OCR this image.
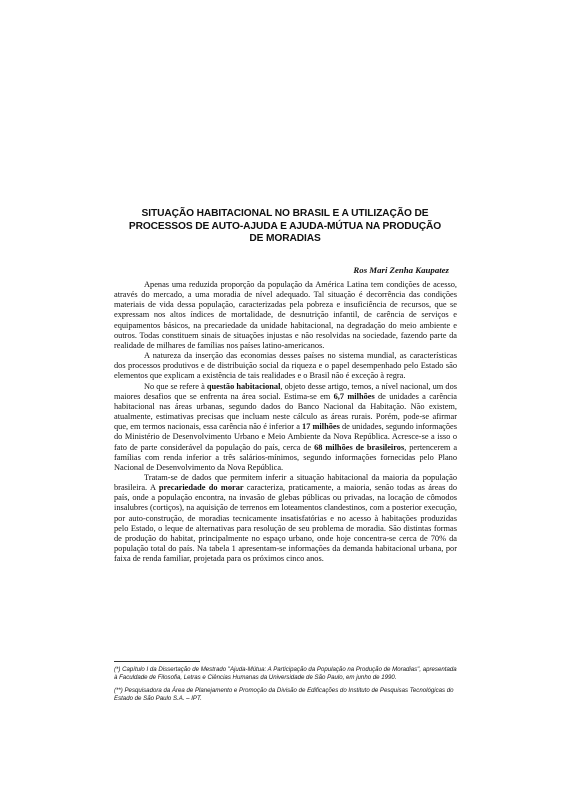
SITUAÇÃO HABITACIONAL NO BRASIL E A UTILIZAÇÃO DE
PROCESSOS DE AUTO-AJUDA E AJUDA-MÚTUA NA PRODUÇÃO
DE MORADIAS
Ros Mari Zenha Kaupatez

Apenas uma reduzida proporção da população da América Latina tem condições de acesso, através do mercado, a uma moradia de nível adequado. Tal situação é decorrência das condições materiais de vida dessa população, caracterizadas pela pobreza e insuficiência de recursos, que se expressam nos altos índices de mortalidade, de desnutrição infantil, de carência de serviços e equipamentos básicos, na precariedade da unidade habitacional, na degradação do meio ambiente e outros. Todas constituem sinais de situações injustas e não resolvidas na sociedade, fazendo parte da realidade de milhares de famílias nos países latino-americanos.

A natureza da inserção das economias desses países no sistema mundial, as características dos processos produtivos e de distribuição social da riqueza e o papel desempenhado pelo Estado são elementos que explicam a existência de tais realidades e o Brasil não é exceção à regra.

No que se refere à questão habitacional, objeto desse artigo, temos, a nível nacional, um dos maiores desafios que se enfrenta na área social. Estima-se em 6,7 milhões de unidades a carência habitacional nas áreas urbanas, segundo dados do Banco Nacional da Habitação. Não existem, atualmente, estimativas precisas que incluam neste cálculo as áreas rurais. Porém, pode-se afirmar que, em termos nacionais, essa carência não é inferior a 17 milhões de unidades, segundo informações do Ministério de Desenvolvimento Urbano e Meio Ambiente da Nova República. Acresce-se a isso o fato de parte considerável da população do país, cerca de 68 milhões de brasileiros, pertencerem a famílias com renda inferior a três salários-mínimos, segundo informações fornecidas pelo Plano Nacional de Desenvolvimento da Nova República.

Tratam-se de dados que permitem inferir a situação habitacional da maioria da população brasileira. A precariedade do morar caracteriza, praticamente, a maioria, senão todas as áreas do país, onde a população encontra, na invasão de glebas públicas ou privadas, na locação de cômodos insalubres (cortiços), na aquisição de terrenos em loteamentos clandestinos, com a posterior execução, por auto-construção, de moradias tecnicamente insatisfatórias e no acesso à habitações produzidas pelo Estado, o leque de alternativas para resolução de seu problema de moradia. São distintas formas de produção do habitat, principalmente no espaço urbano, onde hoje concentra-se cerca de 70% da população total do país. Na tabela 1 apresentam-se informações da demanda habitacional urbana, por faixa de renda familiar, projetada para os próximos cinco anos.

(*) Capítulo I da Dissertação de Mestrado "Ajuda-Mútua: A Participação da População na Produção de Moradias", apresentada à Faculdade de Filosofia, Letras e Ciências Humanas da Universidade de São Paulo, em junho de 1990.

(**) Pesquisadora da Área de Planejamento e Promoção da Divisão de Edificações do Instituto de Pesquisas Tecnológicas do Estado de São Paulo S.A. – IPT.
